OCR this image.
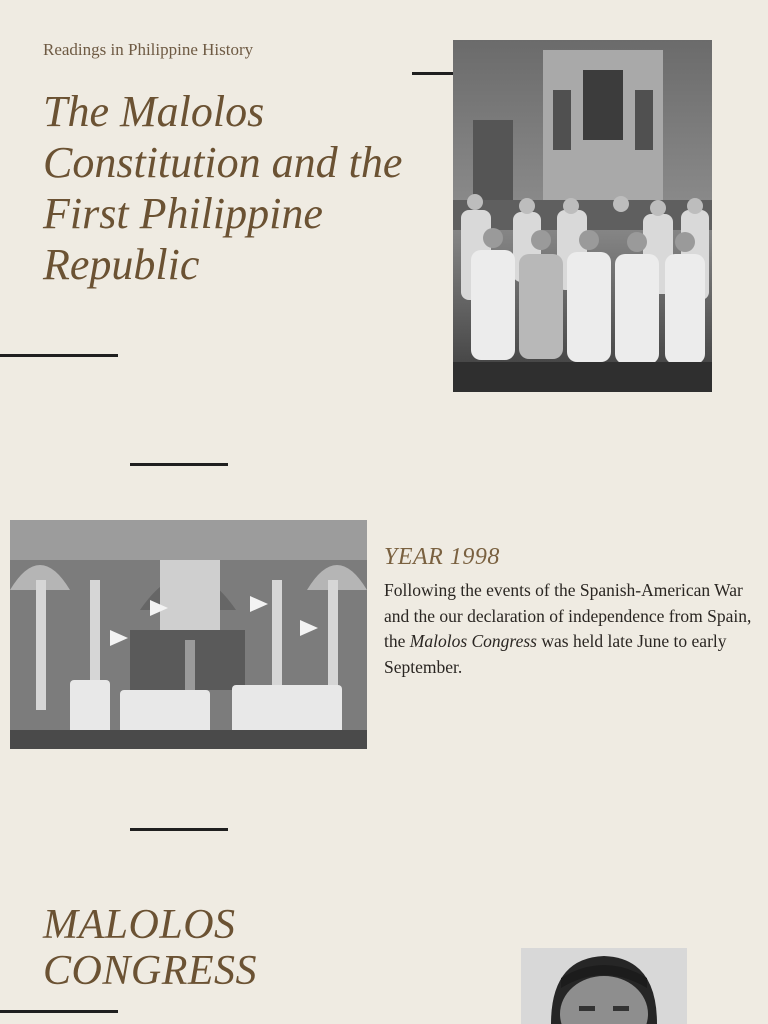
Readings in Philippine History
The Malolos Constitution and the First Philippine Republic
YEAR 1998

Following the events of the Spanish-American War and the our declaration of independence from Spain, the Malolos Congress was held late June to early September.

MALOLOS
CONGRESS
